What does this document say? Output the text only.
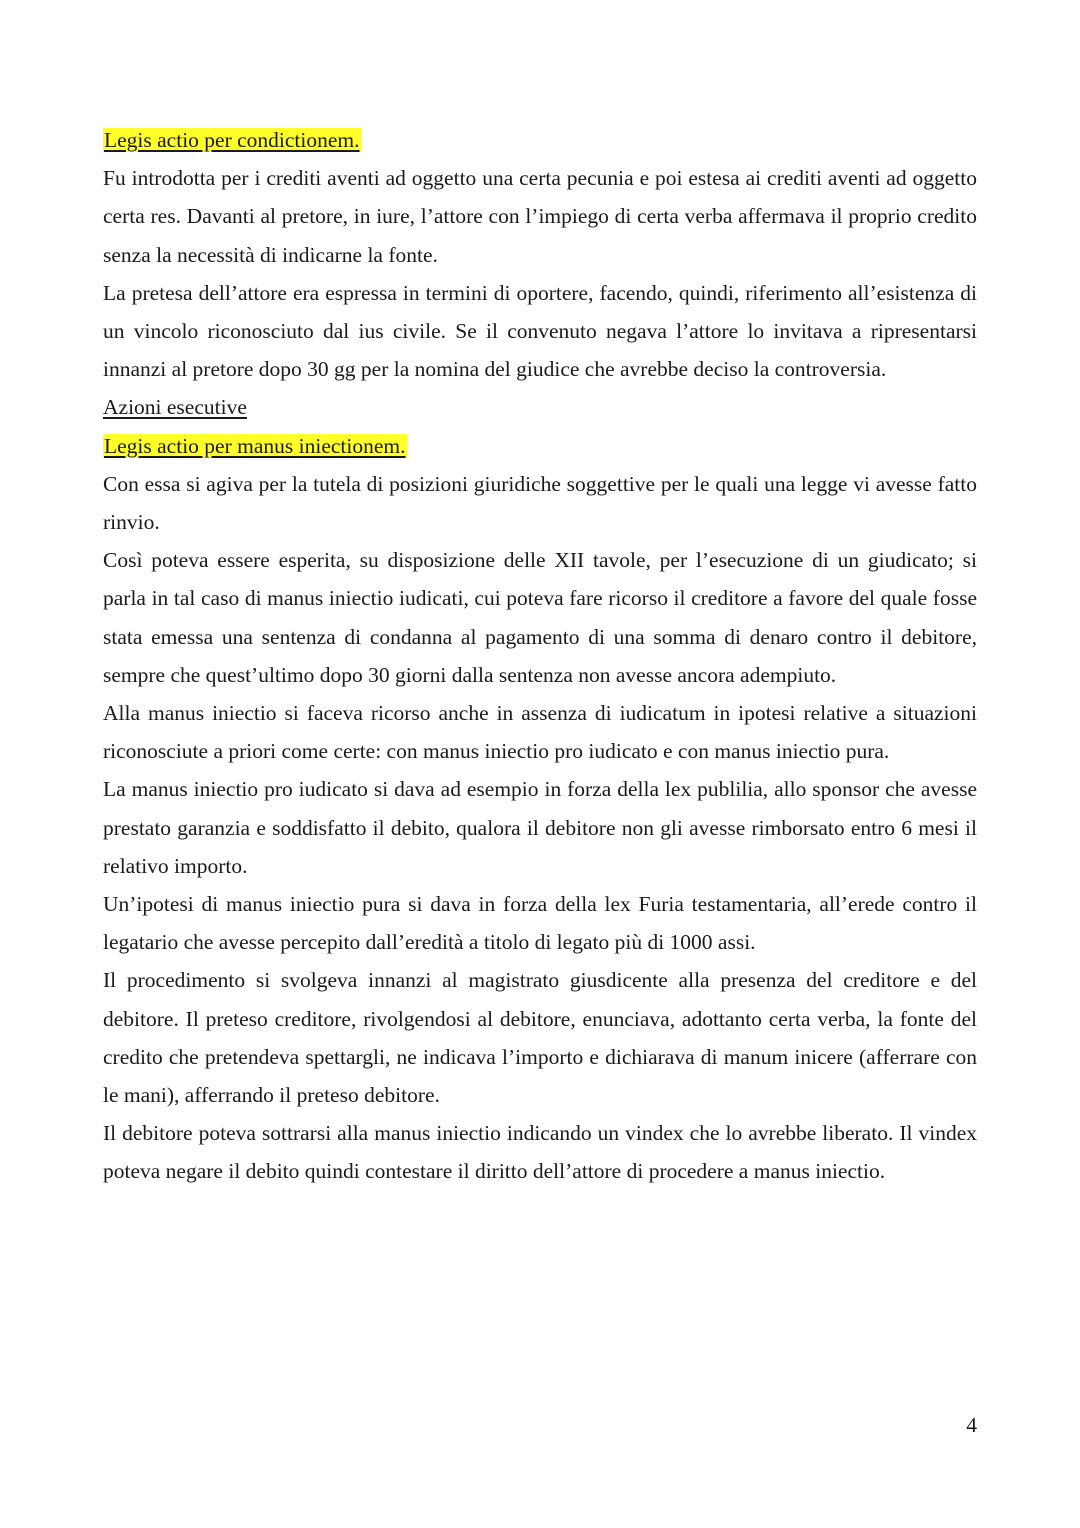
Legis actio per condictionem.

Fu introdotta per i crediti aventi ad oggetto una certa pecunia e poi estesa ai crediti aventi ad oggetto certa res. Davanti al pretore, in iure, l’attore con l’impiego di certa verba affermava il proprio credito senza la necessità di indicarne la fonte.

La pretesa dell’attore era espressa in termini di oportere, facendo, quindi, riferimento all’esistenza di un vincolo riconosciuto dal ius civile. Se il convenuto negava l’attore lo invitava a ripresentarsi innanzi al pretore dopo 30 gg per la nomina del giudice che avrebbe deciso la controversia.

Azioni esecutive
Legis actio per manus iniectionem.

Con essa si agiva per la tutela di posizioni giuridiche soggettive per le quali una legge vi avesse fatto rinvio.

Così poteva essere esperita, su disposizione delle XII tavole, per l’esecuzione di un giudicato; si parla in tal caso di manus iniectio iudicati, cui poteva fare ricorso il creditore a favore del quale fosse stata emessa una sentenza di condanna al pagamento di una somma di denaro contro il debitore, sempre che quest’ultimo dopo 30 giorni dalla sentenza non avesse ancora adempiuto.

Alla manus iniectio si faceva ricorso anche in assenza di iudicatum in ipotesi relative a situazioni riconosciute a priori come certe: con manus iniectio pro iudicato e con manus iniectio pura.

La manus iniectio pro iudicato si dava ad esempio in forza della lex publilia, allo sponsor che avesse prestato garanzia e soddisfatto il debito, qualora il debitore non gli avesse rimborsato entro 6 mesi il relativo importo.

Un’ipotesi di manus iniectio pura si dava in forza della lex Furia testamentaria, all’erede contro il legatario che avesse percepito dall’eredità a titolo di legato più di 1000 assi.

Il procedimento si svolgeva innanzi al magistrato giusdicente alla presenza del creditore e del debitore. Il preteso creditore, rivolgendosi al debitore, enunciava, adottanto certa verba, la fonte del credito che pretendeva spettargli, ne indicava l’importo e dichiarava di manum inicere (afferrare con le mani), afferrando il preteso debitore.

Il debitore poteva sottrarsi alla manus iniectio indicando un vindex che lo avrebbe liberato. Il vindex poteva negare il debito quindi contestare il diritto dell’attore di procedere a manus iniectio.

4
